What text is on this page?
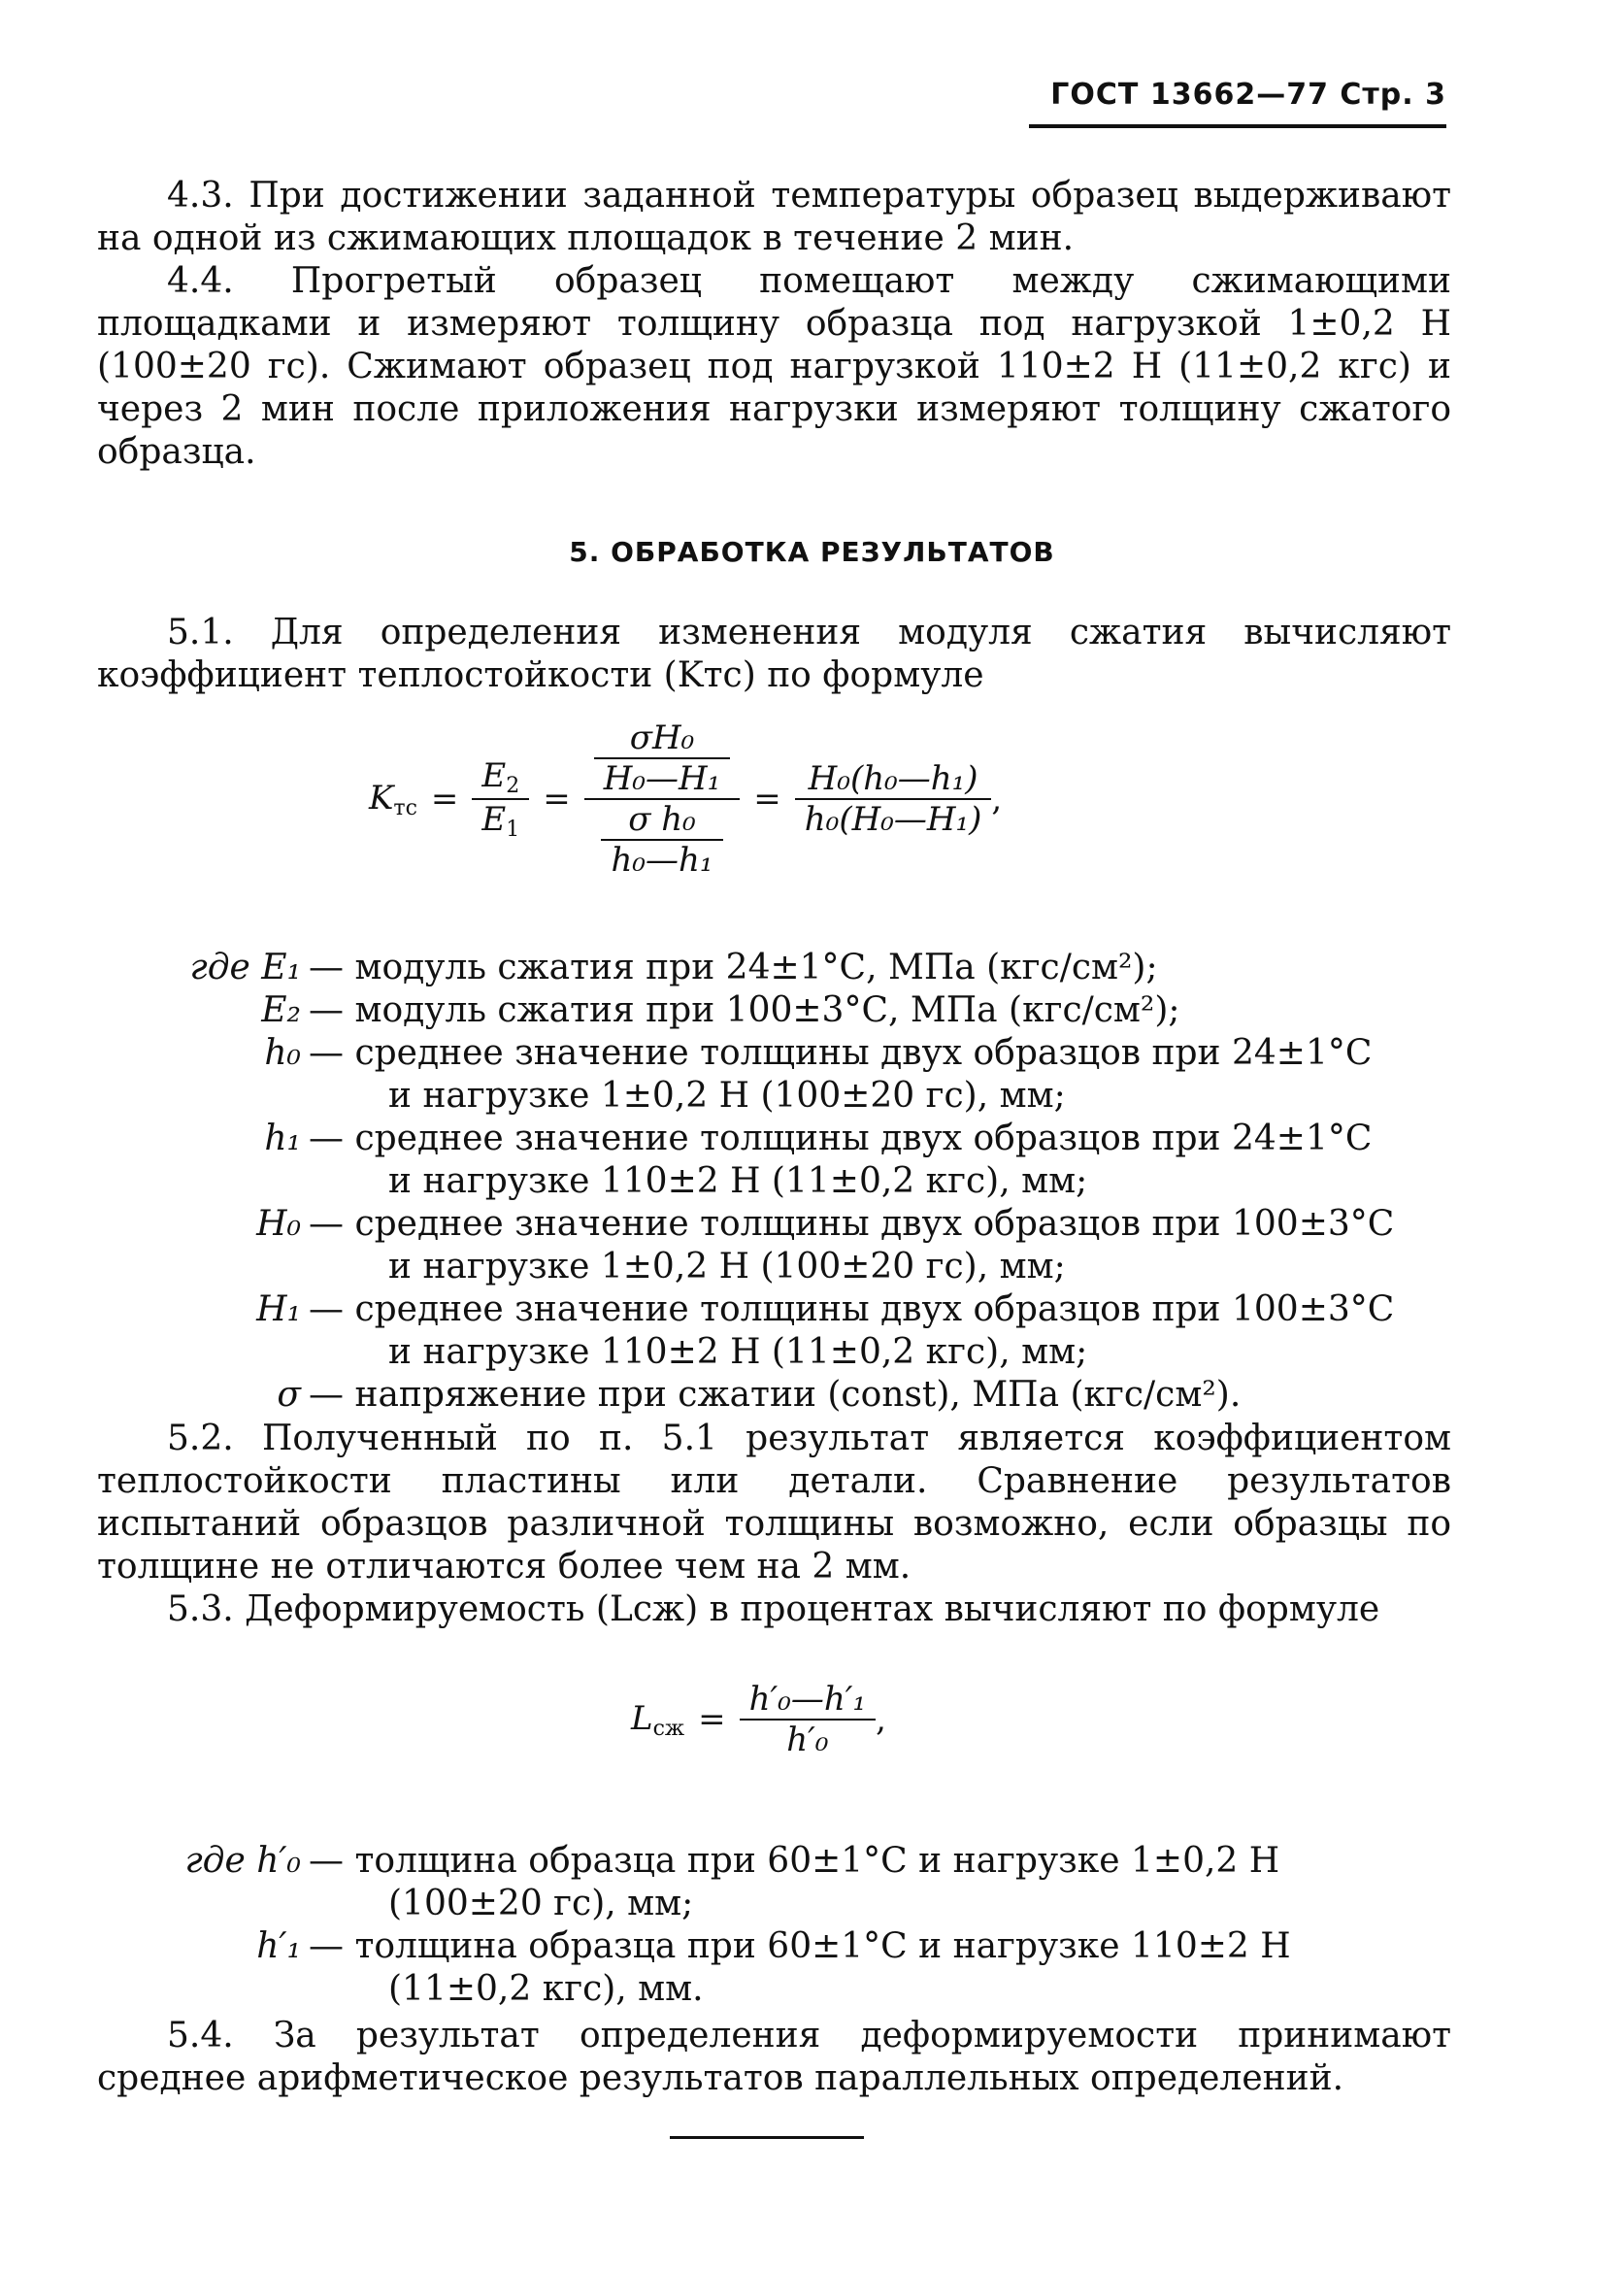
ГОСТ 13662—77 Стр. 3

4.3. При достижении заданной температуры образец выдерживают на одной из сжимающих площадок в течение 2 мин.

4.4. Прогретый образец помещают между сжимающими площадками и измеряют толщину образца под нагрузкой 1±0,2 Н (100±20 гс). Сжимают образец под нагрузкой 110±2 Н (11±0,2 кгс) и через 2 мин после приложения нагрузки измеряют толщину сжатого образца.

5. ОБРАБОТКА РЕЗУЛЬТАТОВ

5.1. Для определения изменения модуля сжатия вычисляют коэффициент теплостойкости (Kтс) по формуле

$K_{тс} = \frac{E_2}{E_1} = \frac{\frac{\text{σH₀}}{\text{H₀—H₁}}}{\frac{\text{σ h₀}}{\text{h₀—h₁}}} = \frac{\text{H₀(h₀—h₁)}}{\text{h₀(H₀—H₁)}}$ ,
где E₁ — модуль сжатия при 24±1°С, МПа (кгс/см²);
E₂ — модуль сжатия при 100±3°С, МПа (кгс/см²);
h₀ — среднее значение толщины двух образцов при 24±1°С
и нагрузке 1±0,2 Н (100±20 гс), мм;
h₁ — среднее значение толщины двух образцов при 24±1°С
и нагрузке 110±2 Н (11±0,2 кгс), мм;
H₀ — среднее значение толщины двух образцов при 100±3°С
и нагрузке 1±0,2 Н (100±20 гс), мм;
H₁ — среднее значение толщины двух образцов при 100±3°С
и нагрузке 110±2 Н (11±0,2 кгс), мм;
σ — напряжение при сжатии (const), МПа (кгс/см²).

5.2. Полученный по п. 5.1 результат является коэффициентом теплостойкости пластины или детали. Сравнение результатов испытаний образцов различной толщины возможно, если образцы по толщине не отличаются более чем на 2 мм.

5.3. Деформируемость (Lсж) в процентах вычисляют по формуле

$L_{сж} = \frac{\text{h′₀—h′₁}}{\text{h′₀}}$ ,
где h′₀ — толщина образца при 60±1°С и нагрузке 1±0,2 Н
(100±20 гс), мм;
h′₁ — толщина образца при 60±1°С и нагрузке 110±2 Н
(11±0,2 кгс), мм.

5.4. За результат определения деформируемости принимают среднее арифметическое результатов параллельных определений.
